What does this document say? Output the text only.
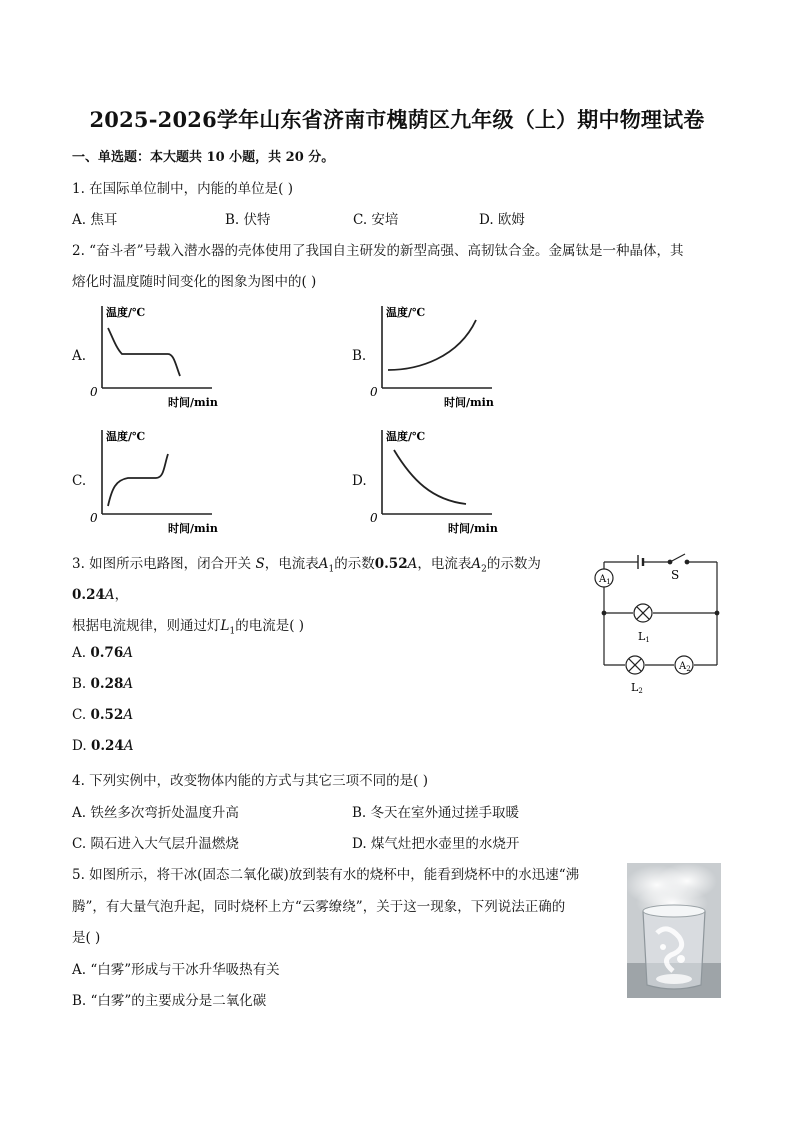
2025-2026学年山东省济南市槐荫区九年级（上）期中物理试卷
一、单选题：本大题共 10 小题，共 20 分。
1. 在国际单位制中，内能的单位是( )
A. 焦耳	B. 伏特	C. 安培	D. 欧姆
2. “奋斗者”号载入潜水器的壳体使用了我国自主研发的新型高强、高韧钛合金。金属钛是一种晶体，其
熔化时温度随时间变化的图象为图中的( )
A.
温度/℃
时间/min
0
B.
温度/℃
时间/min
0
C.
温度/℃
时间/min
0
D.
温度/℃
时间/min
0
3. 如图所示电路图，闭合开关 S，电流表$A_1$的示数0.52A，电流表$A_2$的示数为
0.24A，
根据电流规律，则通过灯$L_1$的电流是( )
A. 0.76A
B. 0.28A
C. 0.52A
D. 0.24A
$A_1$	S
L1
L2
$A_2$
4. 下列实例中，改变物体内能的方式与其它三项不同的是( )
A. 铁丝多次弯折处温度升高	B. 冬天在室外通过搓手取暖
C. 陨石进入大气层升温燃烧	D. 煤气灶把水壶里的水烧开
5. 如图所示，将干冰(固态二氧化碳)放到装有水的烧杯中，能看到烧杯中的水迅速“沸
腾”，有大量气泡升起，同时烧杯上方“云雾缭绕”，关于这一现象，下列说法正确的
是( )
A. “白雾”形成与干冰升华吸热有关
B. “白雾”的主要成分是二氧化碳
